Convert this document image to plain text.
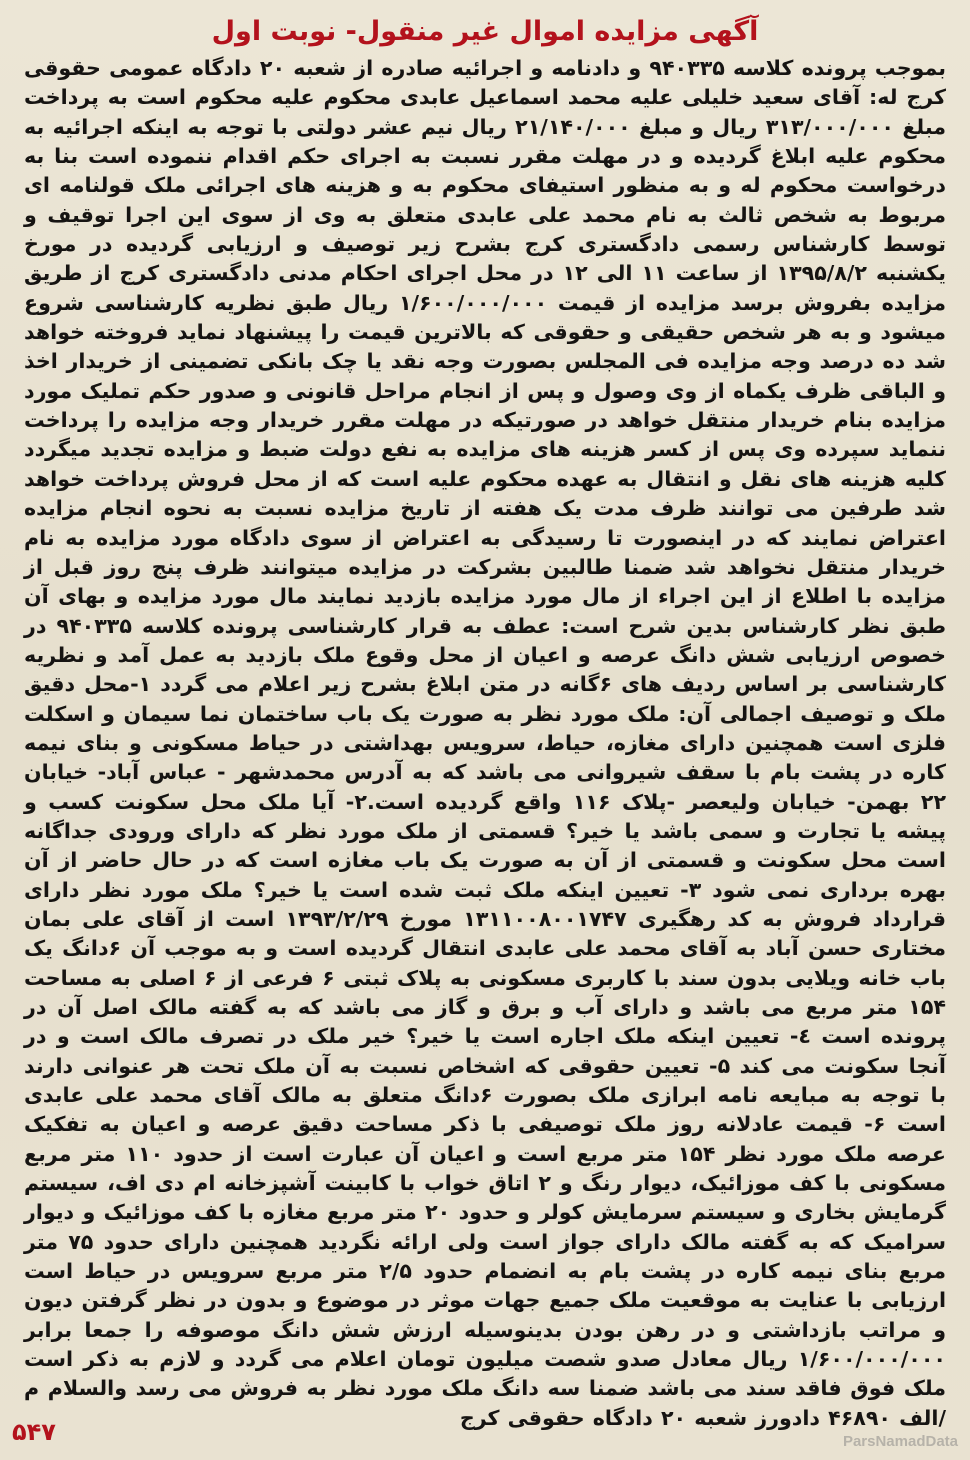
آگهی مزایده اموال غیر منقول- نوبت اول

بموجب پرونده کلاسه ۹۴۰۳۳۵ و دادنامه و اجرائیه صادره از شعبه ۲۰ دادگاه عمومی حقوقی کرج له: آقای سعید خلیلی علیه محمد اسماعیل عابدی محکوم علیه محکوم است به پرداخت مبلغ ۳۱۳/۰۰۰/۰۰۰ ریال و مبلغ ۲۱/۱۴۰/۰۰۰ ریال نیم عشر دولتی با توجه به اینکه اجرائیه به محکوم علیه ابلاغ گردیده و در مهلت مقرر نسبت به اجرای حکم اقدام ننموده است بنا به درخواست محکوم له و به منظور استیفای محکوم به و هزینه های اجرائی ملک قولنامه ای مربوط به شخص ثالث به نام محمد علی عابدی متعلق به وی از سوی این اجرا توقیف و توسط کارشناس رسمی دادگستری کرج بشرح زیر توصیف و ارزیابی گردیده در مورخ یکشنبه ۱۳۹۵/۸/۲ از ساعت ۱۱ الی ۱۲ در محل اجرای احکام مدنی دادگستری کرج از طریق مزایده بفروش برسد مزایده از قیمت ۱/۶۰۰/۰۰۰/۰۰۰ ریال طبق نظریه کارشناسی شروع میشود و به هر شخص حقیقی و حقوقی که بالاترین قیمت را پیشنهاد نماید فروخته خواهد شد ده درصد وجه مزایده فی المجلس بصورت وجه نقد یا چک بانکی تضمینی از خریدار اخذ و الباقی ظرف یکماه از وی وصول و پس از انجام مراحل قانونی و صدور حکم تملیک مورد مزایده بنام خریدار منتقل خواهد در صورتیکه در مهلت مقرر خریدار وجه مزایده را پرداخت ننماید سپرده وی پس از کسر هزینه های مزایده به نفع دولت ضبط و مزایده تجدید میگردد کلیه هزینه های نقل و انتقال به عهده محکوم علیه است که از محل فروش پرداخت خواهد شد طرفین می توانند ظرف مدت یک هفته از تاریخ مزایده نسبت به نحوه انجام مزایده اعتراض نمایند که در اینصورت تا رسیدگی به اعتراض از سوی دادگاه مورد مزایده به نام خریدار منتقل نخواهد شد ضمنا طالبین بشرکت در مزایده میتوانند ظرف پنج روز قبل از مزایده با اطلاع از این اجراء از مال مورد مزایده بازدید نمایند مال مورد مزایده و بهای آن طبق نظر کارشناس بدین شرح است: عطف به قرار کارشناسی پرونده کلاسه ۹۴۰۳۳۵ در خصوص ارزیابی شش دانگ عرصه و اعیان از محل وقوع ملک بازدید به عمل آمد و نظریه کارشناسی بر اساس ردیف های ۶گانه در متن ابلاغ بشرح زیر اعلام می گردد ۱-محل دقیق ملک و توصیف اجمالی آن: ملک مورد نظر به صورت یک باب ساختمان نما سیمان و اسکلت فلزی است همچنین دارای مغازه، حیاط، سرویس بهداشتی در حیاط مسکونی و بنای نیمه کاره در پشت بام با سقف شیروانی می باشد که به آدرس محمدشهر - عباس آباد- خیابان ۲۲ بهمن- خیابان ولیعصر -پلاک ۱۱۶ واقع گردیده است.۲- آیا ملک محل سکونت کسب و پیشه یا تجارت و سمی باشد یا خیر؟ قسمتی از ملک مورد نظر که دارای ورودی جداگانه است محل سکونت و قسمتی از آن به صورت یک باب مغازه است که در حال حاضر از آن بهره برداری نمی شود ۳- تعیین اینکه ملک ثبت شده است یا خیر؟ ملک مورد نظر دارای قرارداد فروش به کد رهگیری ۱۳۱۱۰۰۸۰۰۱۷۴۷ مورخ ۱۳۹۳/۲/۲۹ است از آقای علی بمان مختاری حسن آباد به آقای محمد علی عابدی انتقال گردیده است و به موجب آن ۶دانگ یک باب خانه ویلایی بدون سند با کاربری مسکونی به پلاک ثبتی ۶ فرعی از ۶ اصلی به مساحت ۱۵۴ متر مربع می باشد و دارای آب و برق و گاز می باشد که به گفته مالک اصل آن در پرونده است ٤- تعیین اینکه ملک اجاره است یا خیر؟ خیر ملک در تصرف مالک است و در آنجا سکونت می کند ۵- تعیین حقوقی که اشخاص نسبت به آن ملک تحت هر عنوانی دارند با توجه به مبایعه نامه ابرازی ملک بصورت ۶دانگ متعلق به مالک آقای محمد علی عابدی است ۶- قیمت عادلانه روز ملک توصیفی با ذکر مساحت دقیق عرصه و اعیان به تفکیک عرصه ملک مورد نظر ۱۵۴ متر مربع است و اعیان آن عبارت است از حدود ۱۱۰ متر مربع مسکونی با کف موزائیک، دیوار رنگ و ۲ اتاق خواب با کابینت آشپزخانه ام دی اف، سیستم گرمایش بخاری و سیستم سرمایش کولر و حدود ۲۰ متر مربع مغازه با کف موزائیک و دیوار سرامیک که به گفته مالک دارای جواز است ولی ارائه نگردید همچنین دارای حدود ۷۵ متر مربع بنای نیمه کاره در پشت بام به انضمام حدود ۲/۵ متر مربع سرویس در حیاط است ارزیابی با عنایت به موقعیت ملک جمیع جهات موثر در موضوع و بدون در نظر گرفتن دیون و مراتب بازداشتی و در رهن بودن بدینوسیله ارزش شش دانگ موصوفه را جمعا برابر ۱/۶۰۰/۰۰۰/۰۰۰ ریال معادل صدو شصت میلیون تومان اعلام می گردد و لازم به ذکر است ملک فوق فاقد سند می باشد ضمنا سه دانگ ملک مورد نظر به فروش می رسد والسلام م /الف ۴۶۸۹۰ دادورز شعبه ۲۰ دادگاه حقوقی کرج

۵۴۷	ParsNamadData
